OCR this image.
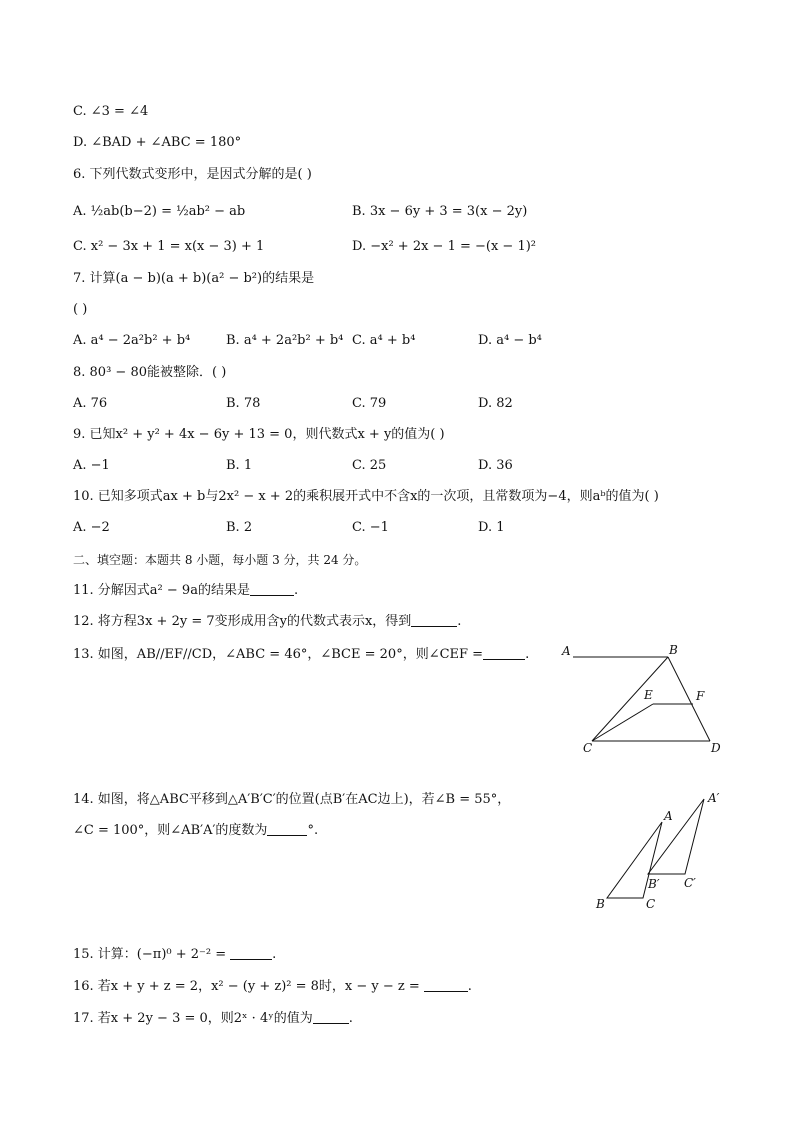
C. ∠3 = ∠4
D. ∠BAD + ∠ABC = 180°
6. 下列代数式变形中，是因式分解的是( )
A. ½ab(b−2) = ½ab² − ab	B. 3x − 6y + 3 = 3(x − 2y)
C. x² − 3x + 1 = x(x − 3) + 1	D. −x² + 2x − 1 = −(x − 1)²
7. 计算(a − b)(a + b)(a² − b²)的结果是
( )
A. a⁴ − 2a²b² + b⁴	B. a⁴ + 2a²b² + b⁴ C. a⁴ + b⁴	D. a⁴ − b⁴
8. 80³ − 80能被整除．( )
A. 76	B. 78	C. 79	D. 82
9. 已知x² + y² + 4x − 6y + 13 = 0，则代数式x + y的值为( )
A. −1	B. 1	C. 25	D. 36
10. 已知多项式ax + b与2x² − x + 2的乘积展开式中不含x的一次项，且常数项为−4，则aᵇ的值为( )
A. −2	B. 2	C. −1	D. 1
二、填空题：本题共 8 小题，每小题 3 分，共 24 分。
11. 分解因式a² − 9a的结果是	.
12. 将方程3x + 2y = 7变形成用含y的代数式表示x，得到	.
13. 如图，AB//EF//CD，∠ABC = 46°，∠BCE = 20°，则∠CEF =	.	A	B
C	D
E	F
14. 如图，将△ABC平移到△A′B′C′的位置(点B′在AC边上)，若∠B = 55°，
∠C = 100°，则∠AB′A′的度数为	°.
A
A′
B	C
B′ C′
15. 计算：(−π)⁰ + 2⁻² =	.
16. 若x + y + z = 2，x² − (y + z)² = 8时，x − y − z =	.
17. 若x + 2y − 3 = 0，则2ˣ · 4ʸ的值为	.
